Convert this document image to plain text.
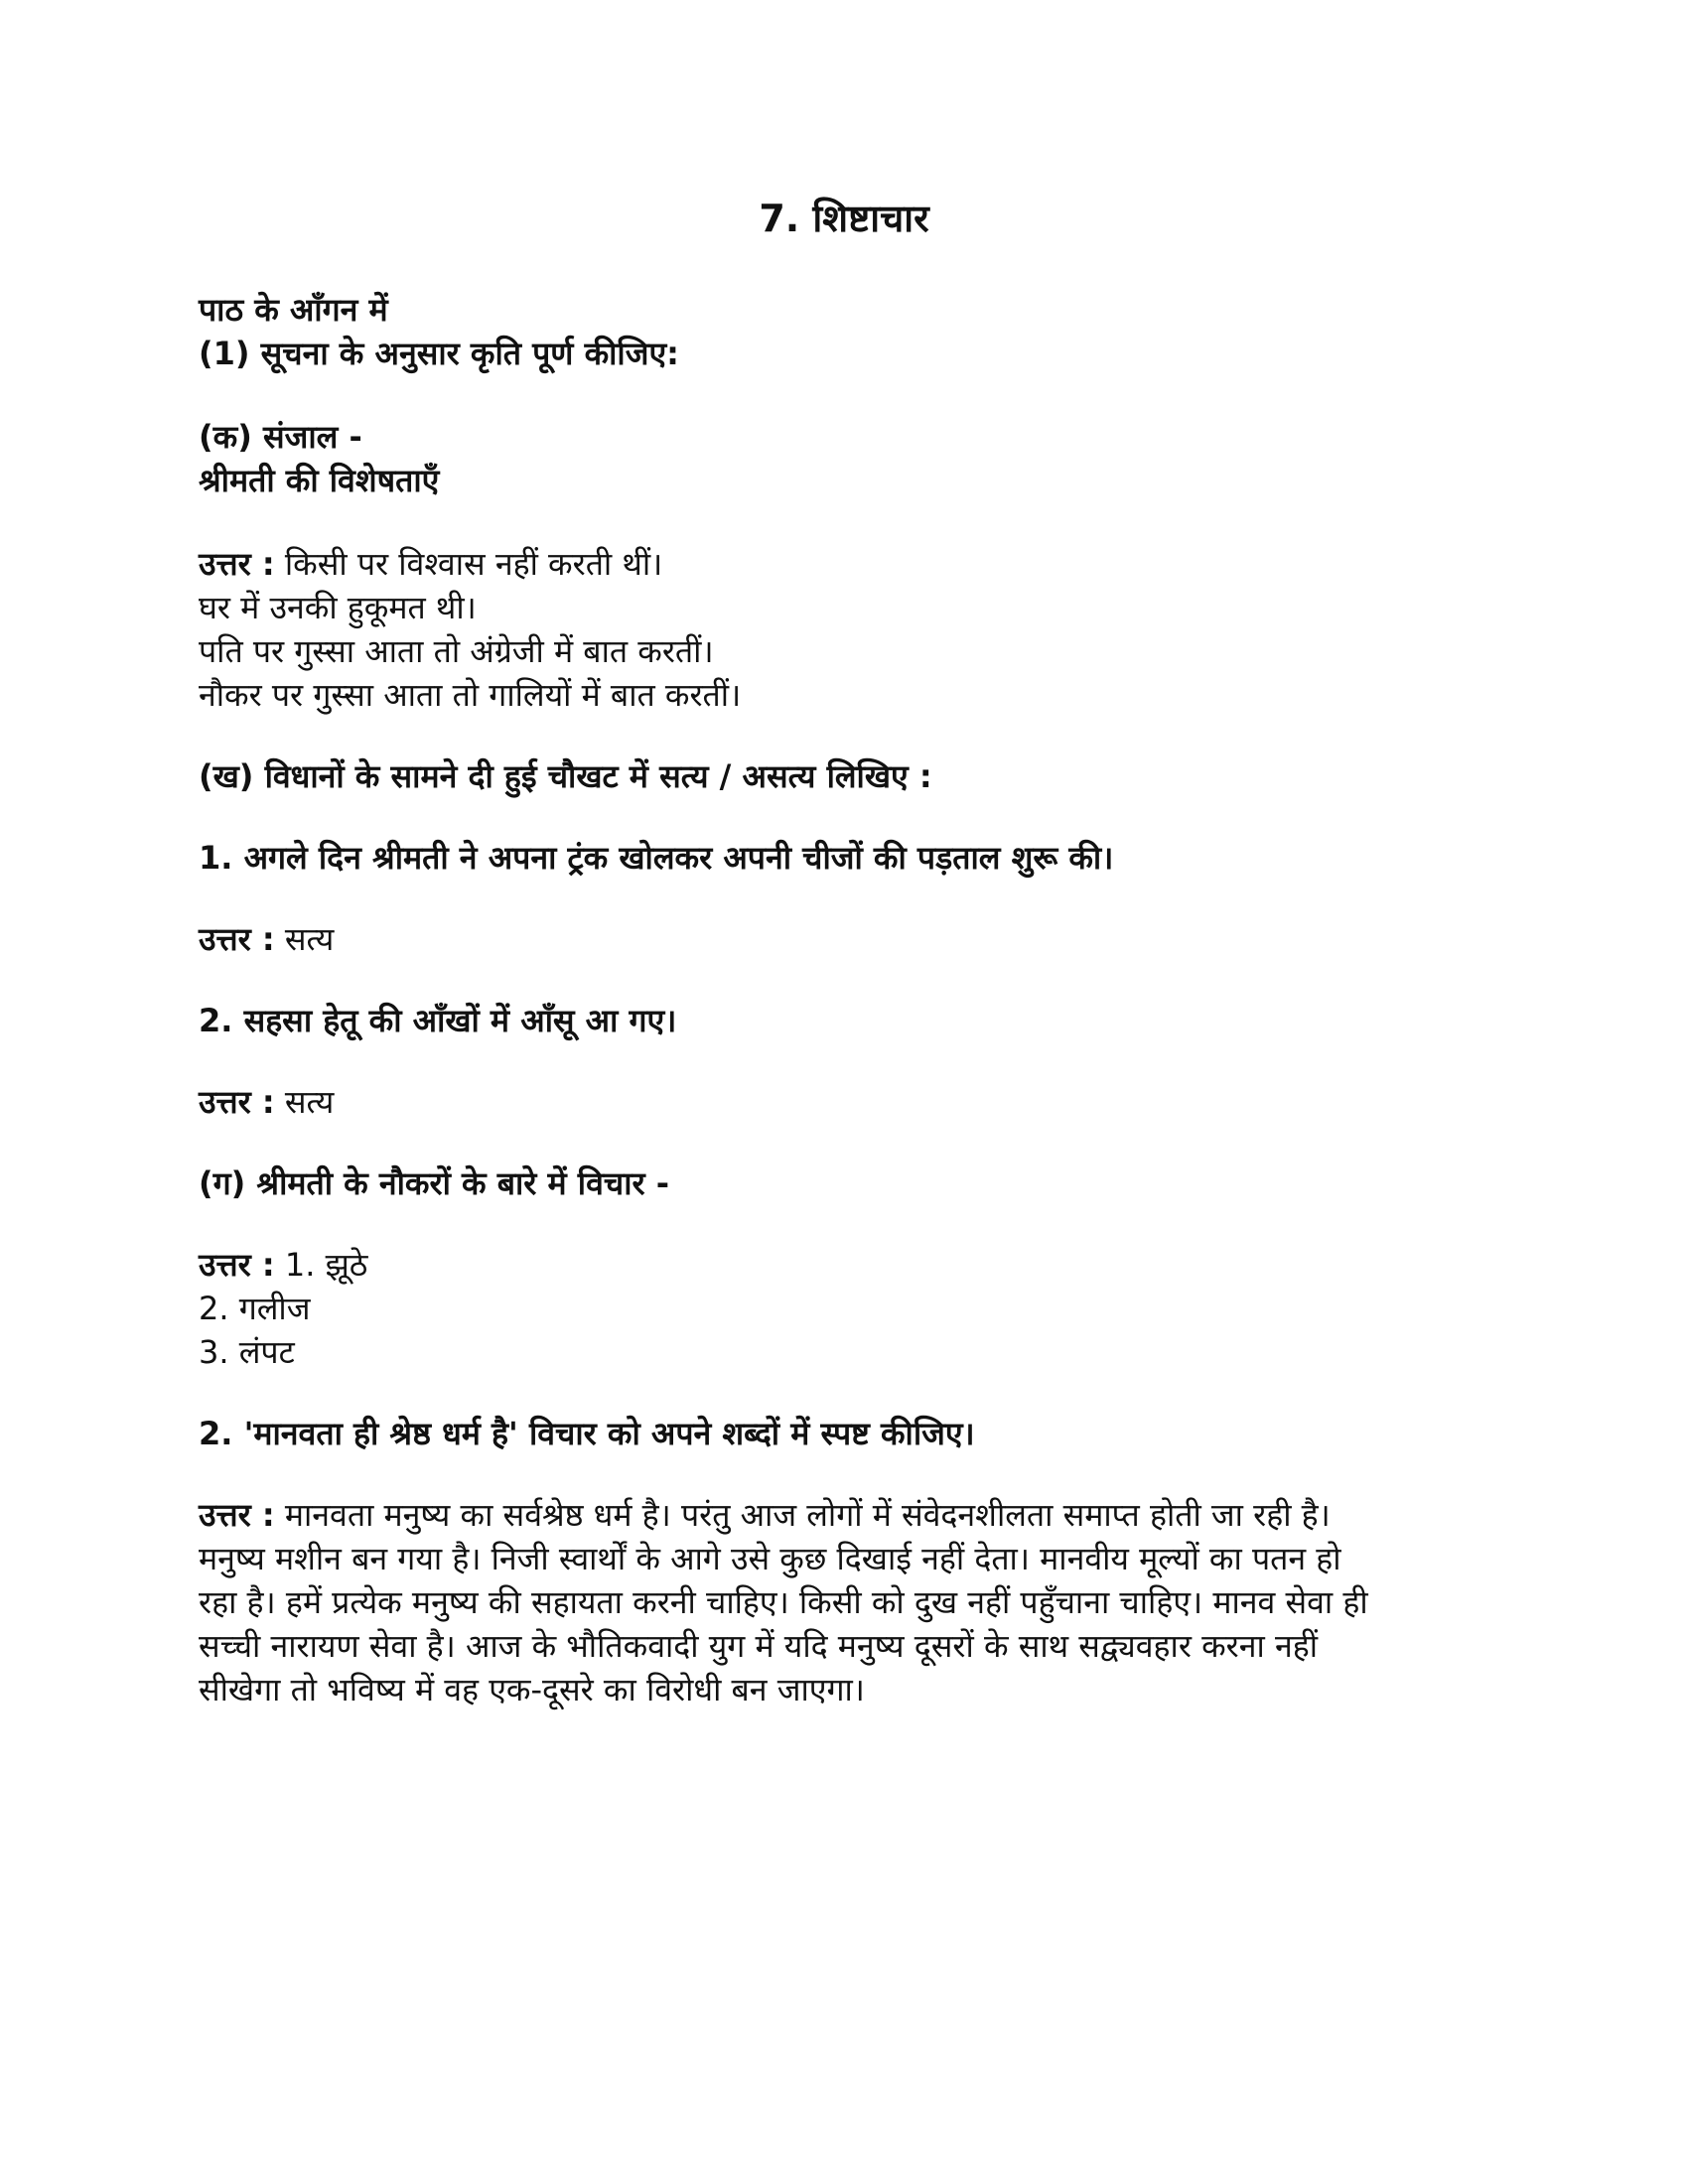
7. शिष्टाचार
पाठ के आँगन में
(1) सूचना के अनुसार कृति पूर्ण कीजिए:
(क) संजाल -
श्रीमती की विशेषताएँ
उत्तर : किसी पर विश्वास नहीं करती थीं।
घर में उनकी हुकूमत थी।
पति पर गुस्सा आता तो अंग्रेजी में बात करतीं।
नौकर पर गुस्सा आता तो गालियों में बात करतीं।
(ख) विधानों के सामने दी हुई चौखट में सत्य / असत्य लिखिए :
1. अगले दिन श्रीमती ने अपना ट्रंक खोलकर अपनी चीजों की पड़ताल शुरू की।
उत्तर : सत्य
2. सहसा हेतू की आँखों में आँसू आ गए।
उत्तर : सत्य
(ग) श्रीमती के नौकरों के बारे में विचार -
उत्तर : 1. झूठे
2. गलीज
3. लंपट
2. 'मानवता ही श्रेष्ठ धर्म है' विचार को अपने शब्दों में स्पष्ट कीजिए।
उत्तर : मानवता मनुष्य का सर्वश्रेष्ठ धर्म है। परंतु आज लोगों में संवेदनशीलता समाप्त होती जा रही है।
मनुष्य मशीन बन गया है। निजी स्वार्थों के आगे उसे कुछ दिखाई नहीं देता। मानवीय मूल्यों का पतन हो
रहा है। हमें प्रत्येक मनुष्य की सहायता करनी चाहिए। किसी को दुख नहीं पहुँचाना चाहिए। मानव सेवा ही
सच्ची नारायण सेवा है। आज के भौतिकवादी युग में यदि मनुष्य दूसरों के साथ सद्व्यवहार करना नहीं
सीखेगा तो भविष्य में वह एक-दूसरे का विरोधी बन जाएगा।
